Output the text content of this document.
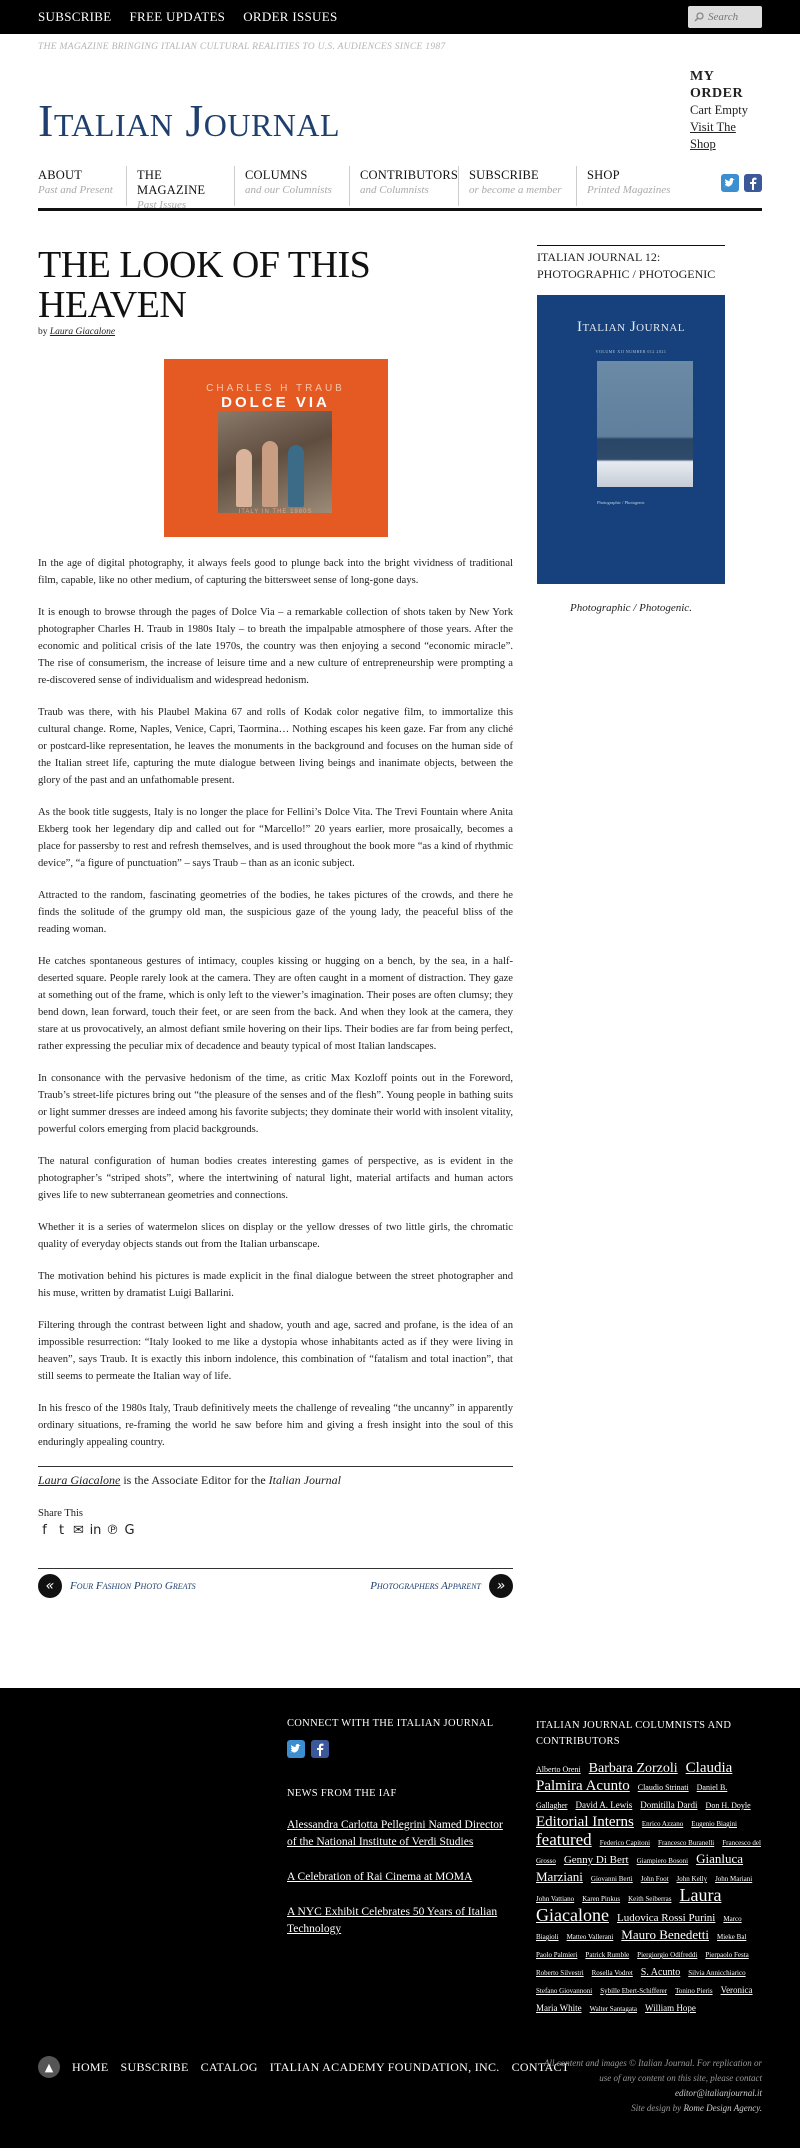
SUBSCRIBE FREE UPDATES ORDER ISSUES	Search
THE MAGAZINE BRINGING ITALIAN CULTURAL REALITIES TO U.S. AUDIENCES SINCE 1987
Italian Journal
MY ORDER
Cart Empty
Visit The Shop
ABOUT
Past and Present
THE MAGAZINE
Past Issues
COLUMNS
and our Columnists
CONTRIBUTORS
and Columnists
SUBSCRIBE
or become a member
SHOP
Printed Magazines
THE LOOK OF THIS HEAVEN
by Laura Giacalone
CHARLES H TRAUB
DOLCE VIA
ITALY IN THE 1980S

In the age of digital photography, it always feels good to plunge back into the bright vividness of traditional film, capable, like no other medium, of capturing the bittersweet sense of long-gone days.

It is enough to browse through the pages of Dolce Via – a remarkable collection of shots taken by New York photographer Charles H. Traub in 1980s Italy – to breath the impalpable atmosphere of those years. After the economic and political crisis of the late 1970s, the country was then enjoying a second “economic miracle”. The rise of consumerism, the increase of leisure time and a new culture of entrepreneurship were prompting a re-discovered sense of individualism and widespread hedonism.

Traub was there, with his Plaubel Makina 67 and rolls of Kodak color negative film, to immortalize this cultural change. Rome, Naples, Venice, Capri, Taormina… Nothing escapes his keen gaze. Far from any cliché or postcard-like representation, he leaves the monuments in the background and focuses on the human side of the Italian street life, capturing the mute dialogue between living beings and inanimate objects, between the glory of the past and an unfathomable present.

As the book title suggests, Italy is no longer the place for Fellini’s Dolce Vita. The Trevi Fountain where Anita Ekberg took her legendary dip and called out for “Marcello!” 20 years earlier, more prosaically, becomes a place for passersby to rest and refresh themselves, and is used throughout the book more “as a kind of rhythmic device”, “a figure of punctuation” – says Traub – than as an iconic subject.

Attracted to the random, fascinating geometries of the bodies, he takes pictures of the crowds, and there he finds the solitude of the grumpy old man, the suspicious gaze of the young lady, the peaceful bliss of the reading woman.

He catches spontaneous gestures of intimacy, couples kissing or hugging on a bench, by the sea, in a half-deserted square. People rarely look at the camera. They are often caught in a moment of distraction. They gaze at something out of the frame, which is only left to the viewer’s imagination. Their poses are often clumsy; they bend down, lean forward, touch their feet, or are seen from the back. And when they look at the camera, they stare at us provocatively, an almost defiant smile hovering on their lips. Their bodies are far from being perfect, rather expressing the peculiar mix of decadence and beauty typical of most Italian landscapes.

In consonance with the pervasive hedonism of the time, as critic Max Kozloff points out in the Foreword, Traub’s street-life pictures bring out “the pleasure of the senses and of the flesh”. Young people in bathing suits or light summer dresses are indeed among his favorite subjects; they dominate their world with insolent vitality, powerful colors emerging from placid backgrounds.

The natural configuration of human bodies creates interesting games of perspective, as is evident in the photographer’s “striped shots”, where the intertwining of natural light, material artifacts and human actors gives life to new subterranean geometries and connections.

Whether it is a series of watermelon slices on display or the yellow dresses of two little girls, the chromatic quality of everyday objects stands out from the Italian urbanscape.

The motivation behind his pictures is made explicit in the final dialogue between the street photographer and his muse, written by dramatist Luigi Ballarini.

Filtering through the contrast between light and shadow, youth and age, sacred and profane, is the idea of an impossible resurrection: “Italy looked to me like a dystopia whose inhabitants acted as if they were living in heaven”, says Traub. It is exactly this inborn indolence, this combination of “fatalism and total inaction”, that still seems to permeate the Italian way of life.

In his fresco of the 1980s Italy, Traub definitively meets the challenge of revealing “the uncanny” in apparently ordinary situations, re-framing the world he saw before him and giving a fresh insight into the soul of this enduringly appealing country.

Laura Giacalone is the Associate Editor for the Italian Journal
Share This
f t ✉ in ℗ G
«	Four Fashion Photo Greats	Photographers Apparent	»
ITALIAN JOURNAL 12: PHOTOGRAPHIC / PHOTOGENIC
Italian Journal
VOLUME XII NUMBER 012 2021
Photographic / Photogenic
Photographic / Photogenic.
CONNECT WITH THE ITALIAN JOURNAL
NEWS FROM THE IAF
Alessandra Carlotta Pellegrini Named Director of the National Institute of Verdi Studies
A Celebration of Rai Cinema at MOMA
A NYC Exhibit Celebrates 50 Years of Italian Technology
ITALIAN JOURNAL COLUMNISTS AND CONTRIBUTORS
Alberto Oreni Barbara Zorzoli Claudia Palmira Acunto Claudio Strinati Daniel B. Gallagher David A. Lewis Domitilla Dardi Don H. Doyle Editorial Interns Enrico Azzano Eugenio Biagini featured Federico Capitoni Francesco Buranelli Francesco del Grosso Genny Di Bert Giampiero Bosoni Gianluca Marziani Giovanni Berti John Foot John Kelly John Mariani John Vattiano Karen Pinkus Keith Seiberras Laura Giacalone Ludovica Rossi Purini Marco Biagioli Matteo Vallerani Mauro Benedetti Mieke Bal Paolo Palmieri Patrick Rumble Piergiorgio Odifreddi Pierpaolo Festa Roberto Silvestri Rosella Vodret S. Acunto Silvia Annicchiarico Stefano Giovannoni Sybille Ebert-Schifferer Tonino Pieris Veronica Maria White Walter Santagata William Hope
▲	HOME SUBSCRIBE CATALOG ITALIAN ACADEMY FOUNDATION, INC. CONTACT
All content and images © Italian Journal. For replication or use of any content on this site, please contact editor@italianjournal.it
Site design by Rome Design Agency.
